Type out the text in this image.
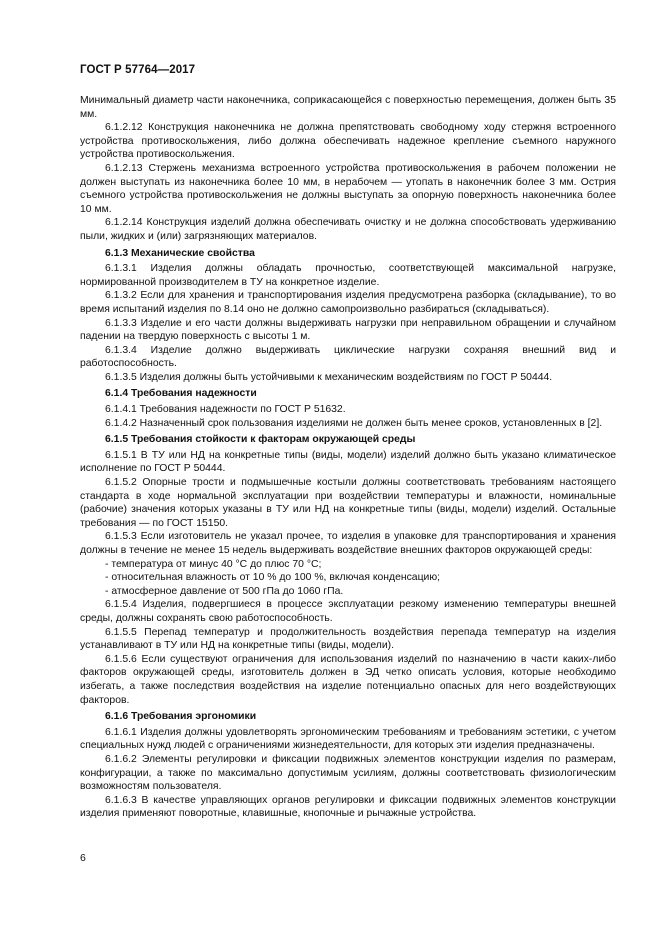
ГОСТ Р 57764—2017

Минимальный диаметр части наконечника, соприкасающейся с поверхностью перемещения, должен быть 35 мм.

6.1.2.12 Конструкция наконечника не должна препятствовать свободному ходу стержня встроенного устройства противоскольжения, либо должна обеспечивать надежное крепление съемного наружного устройства противоскольжения.

6.1.2.13 Стержень механизма встроенного устройства противоскольжения в рабочем положении не должен выступать из наконечника более 10 мм, в нерабочем — утопать в наконечник более 3 мм. Острия съемного устройства противоскольжения не должны выступать за опорную поверхность наконечника более 10 мм.

6.1.2.14 Конструкция изделий должна обеспечивать очистку и не должна способствовать удерживанию пыли, жидких и (или) загрязняющих материалов.

6.1.3 Механические свойства

6.1.3.1 Изделия должны обладать прочностью, соответствующей максимальной нагрузке, нормированной производителем в ТУ на конкретное изделие.

6.1.3.2 Если для хранения и транспортирования изделия предусмотрена разборка (складывание), то во время испытаний изделия по 8.14 оно не должно самопроизвольно разбираться (складываться).

6.1.3.3 Изделие и его части должны выдерживать нагрузки при неправильном обращении и случайном падении на твердую поверхность с высоты 1 м.

6.1.3.4 Изделие должно выдерживать циклические нагрузки сохраняя внешний вид и работоспособность.

6.1.3.5 Изделия должны быть устойчивыми к механическим воздействиям по ГОСТ Р 50444.

6.1.4 Требования надежности

6.1.4.1 Требования надежности по ГОСТ Р 51632.

6.1.4.2 Назначенный срок пользования изделиями не должен быть менее сроков, установленных в [2].

6.1.5 Требования стойкости к факторам окружающей среды

6.1.5.1 В ТУ или НД на конкретные типы (виды, модели) изделий должно быть указано климатическое исполнение по ГОСТ Р 50444.

6.1.5.2 Опорные трости и подмышечные костыли должны соответствовать требованиям настоящего стандарта в ходе нормальной эксплуатации при воздействии температуры и влажности, номинальные (рабочие) значения которых указаны в ТУ или НД на конкретные типы (виды, модели) изделий. Остальные требования — по ГОСТ 15150.

6.1.5.3 Если изготовитель не указал прочее, то изделия в упаковке для транспортирования и хранения должны в течение не менее 15 недель выдерживать воздействие внешних факторов окружающей среды:

- температура от минус 40 °С до плюс 70 °С;

- относительная влажность от 10 % до 100 %, включая конденсацию;

- атмосферное давление от 500 гПа до 1060 гПа.

6.1.5.4 Изделия, подвергшиеся в процессе эксплуатации резкому изменению температуры внешней среды, должны сохранять свою работоспособность.

6.1.5.5 Перепад температур и продолжительность воздействия перепада температур на изделия устанавливают в ТУ или НД на конкретные типы (виды, модели).

6.1.5.6 Если существуют ограничения для использования изделий по назначению в части каких-либо факторов окружающей среды, изготовитель должен в ЭД четко описать условия, которые необходимо избегать, а также последствия воздействия на изделие потенциально опасных для него воздействующих факторов.

6.1.6 Требования эргономики

6.1.6.1 Изделия должны удовлетворять эргономическим требованиям и требованиям эстетики, с учетом специальных нужд людей с ограничениями жизнедеятельности, для которых эти изделия предназначены.

6.1.6.2 Элементы регулировки и фиксации подвижных элементов конструкции изделия по размерам, конфигурации, а также по максимально допустимым усилиям, должны соответствовать физиологическим возможностям пользователя.

6.1.6.3 В качестве управляющих органов регулировки и фиксации подвижных элементов конструкции изделия применяют поворотные, клавишные, кнопочные и рычажные устройства.

6
